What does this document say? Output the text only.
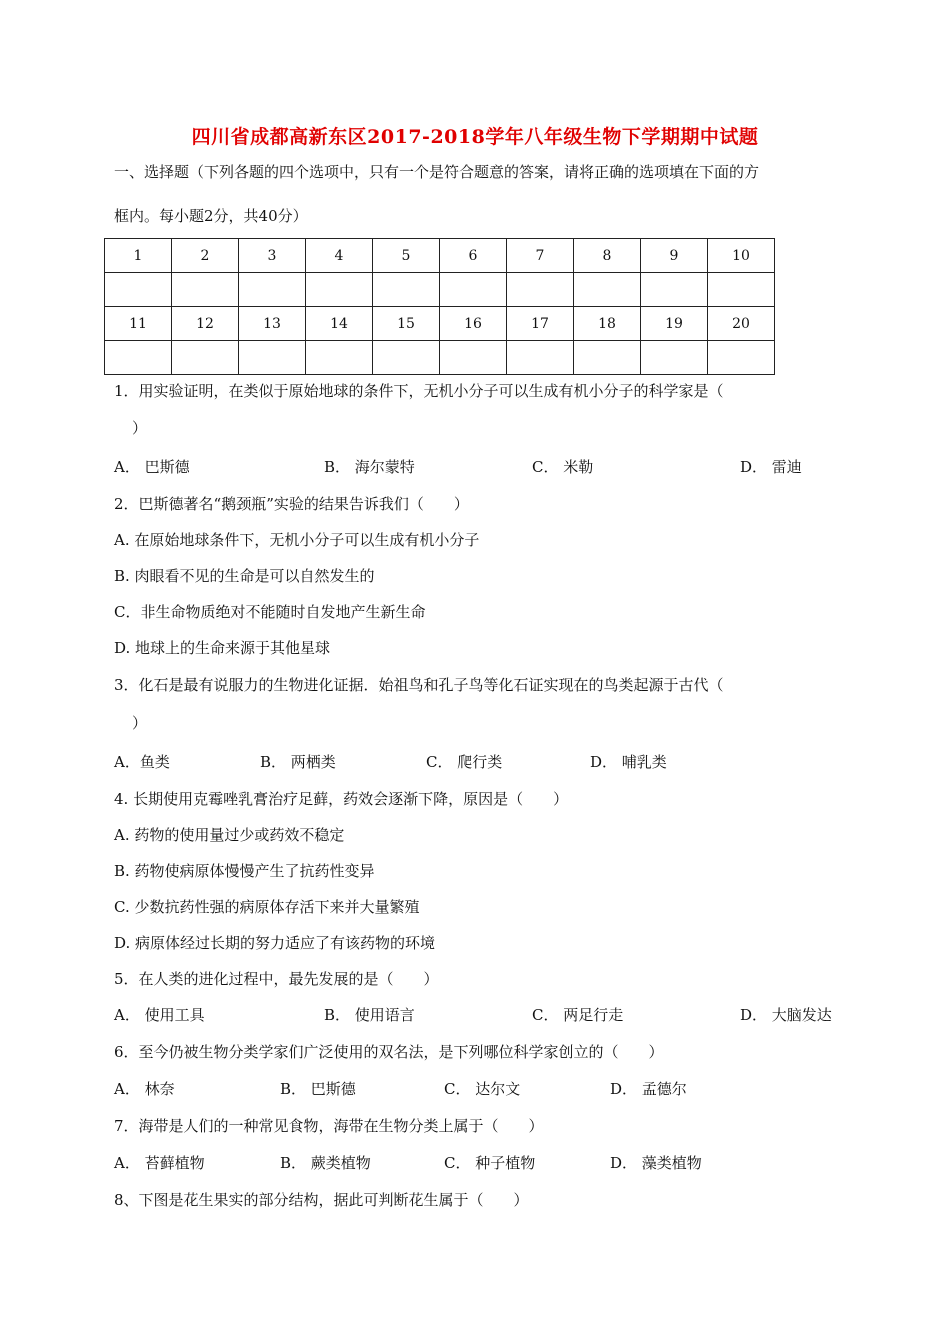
四川省成都高新东区2017-2018学年八年级生物下学期期中试题
一、选择题（下列各题的四个选项中，只有一个是符合题意的答案，请将正确的选项填在下面的方
框内。每小题2分，共40分）
1	2	3	4	5	6	7	8	9	10

11	12	13	14	15	16	17	18	19	20

1．用实验证明，在类似于原始地球的条件下，无机小分子可以生成有机小分子的科学家是（
）
A． 巴斯德	B． 海尔蒙特	C． 米勒	D． 雷迪
2．巴斯德著名“鹅颈瓶”实验的结果告诉我们（　　）
A. 在原始地球条件下，无机小分子可以生成有机小分子
B. 肉眼看不见的生命是可以自然发生的
C．非生命物质绝对不能随时自发地产生新生命
D. 地球上的生命来源于其他星球
3．化石是最有说服力的生物进化证据．始祖鸟和孔子鸟等化石证实现在的鸟类起源于古代（
）
A．鱼类	B． 两栖类	C． 爬行类	D． 哺乳类
4. 长期使用克霉唑乳膏治疗足藓，药效会逐渐下降，原因是（　　）
A. 药物的使用量过少或药效不稳定
B. 药物使病原体慢慢产生了抗药性变异
C. 少数抗药性强的病原体存活下来并大量繁殖
D. 病原体经过长期的努力适应了有该药物的环境
5．在人类的进化过程中，最先发展的是（　　）
A． 使用工具	B． 使用语言	C． 两足行走	D． 大脑发达
6．至今仍被生物分类学家们广泛使用的双名法，是下列哪位科学家创立的（　　）
A． 林奈	B． 巴斯德	C． 达尔文	D． 孟德尔
7．海带是人们的一种常见食物，海带在生物分类上属于（　　）
A． 苔藓植物	B． 蕨类植物	C． 种子植物	D． 藻类植物
8、下图是花生果实的部分结构，据此可判断花生属于（　　）
